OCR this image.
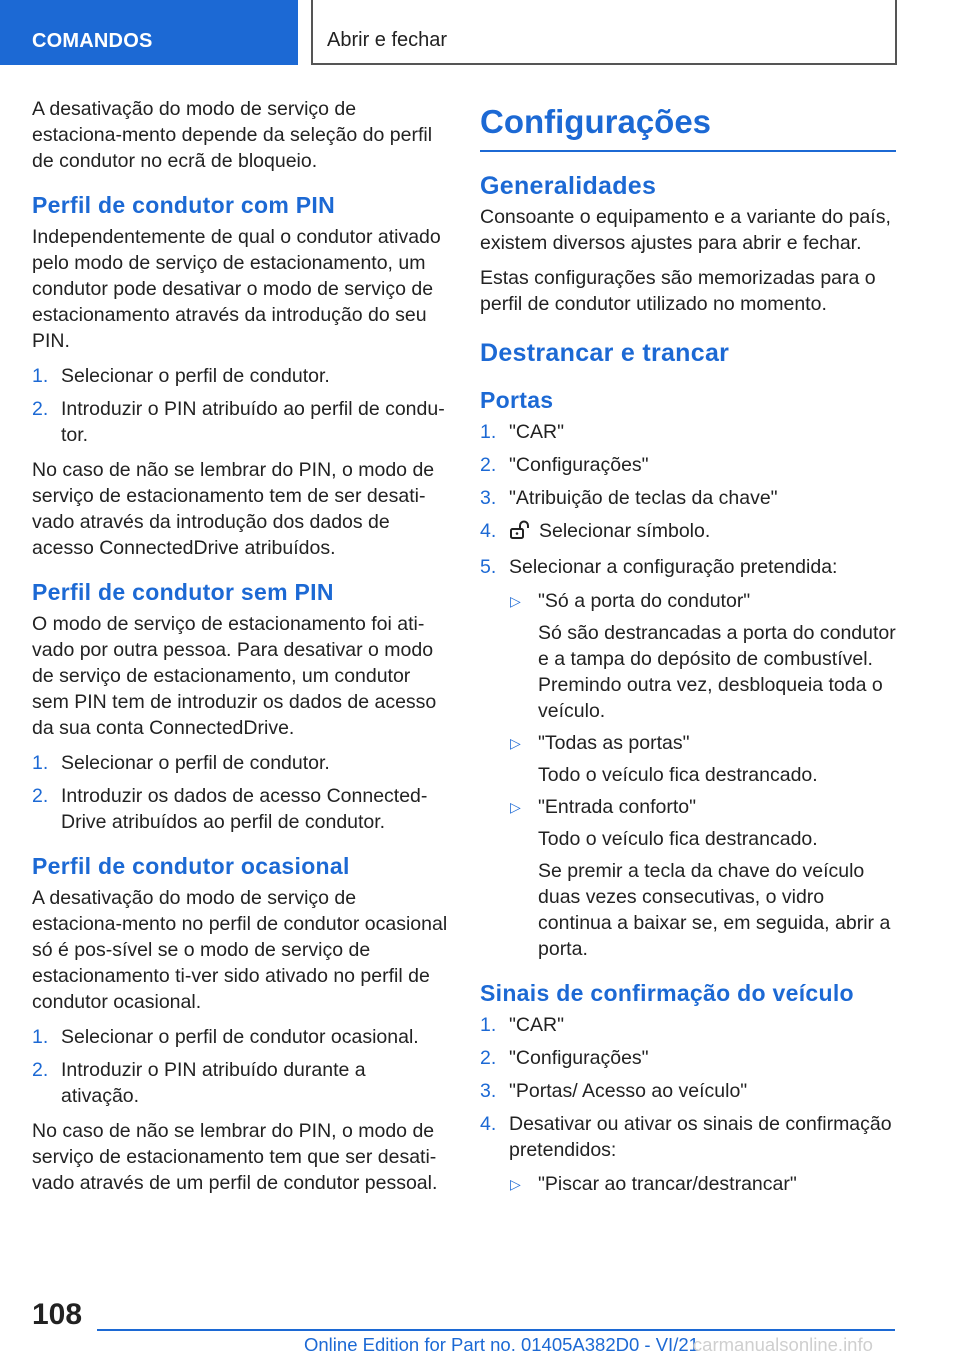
COMANDOS	Abrir e fechar

A desativação do modo de serviço de estaciona-mento depende da seleção do perfil de condutor no ecrã de bloqueio.

Perfil de condutor com PIN

Independentemente de qual o condutor ativado pelo modo de serviço de estacionamento, um condutor pode desativar o modo de serviço de estacionamento através da introdução do seu PIN.

1. Selecionar o perfil de condutor.
2. Introduzir o PIN atribuído ao perfil de condu-tor.

No caso de não se lembrar do PIN, o modo de serviço de estacionamento tem de ser desati-vado através da introdução dos dados de acesso ConnectedDrive atribuídos.

Perfil de condutor sem PIN

O modo de serviço de estacionamento foi ati-vado por outra pessoa. Para desativar o modo de serviço de estacionamento, um condutor sem PIN tem de introduzir os dados de acesso da sua conta ConnectedDrive.

1. Selecionar o perfil de condutor.
2. Introduzir os dados de acesso Connected-Drive atribuídos ao perfil de condutor.
Perfil de condutor ocasional

A desativação do modo de serviço de estaciona-mento no perfil de condutor ocasional só é pos-sível se o modo de serviço de estacionamento ti-ver sido ativado no perfil de condutor ocasional.

1. Selecionar o perfil de condutor ocasional.
2. Introduzir o PIN atribuído durante a ativação.

No caso de não se lembrar do PIN, o modo de serviço de estacionamento tem que ser desati-vado através de um perfil de condutor pessoal.

Configurações
Generalidades

Consoante o equipamento e a variante do país, existem diversos ajustes para abrir e fechar.

Estas configurações são memorizadas para o perfil de condutor utilizado no momento.

Destrancar e trancar
Portas
1. "CAR"
2. "Configurações"
3. "Atribuição de teclas da chave"
4. Selecionar símbolo.
5. Selecionar a configuração pretendida:
▷ "Só a porta do condutor"
Só são destrancadas a porta do condutor e a tampa do depósito de combustível. Premindo outra vez, desbloqueia toda o veículo.
▷ "Todas as portas"
Todo o veículo fica destrancado.
▷ "Entrada conforto"
Todo o veículo fica destrancado.
Se premir a tecla da chave do veículo duas vezes consecutivas, o vidro continua a baixar se, em seguida, abrir a porta.
Sinais de confirmação do veículo
1. "CAR"
2. "Configurações"
3. "Portas/ Acesso ao veículo"
4. Desativar ou ativar os sinais de confirmação pretendidos:
▷ "Piscar ao trancar/destrancar"
108
Online Edition for Part no. 01405A382D0 - VI/21carmanualsonline.info
